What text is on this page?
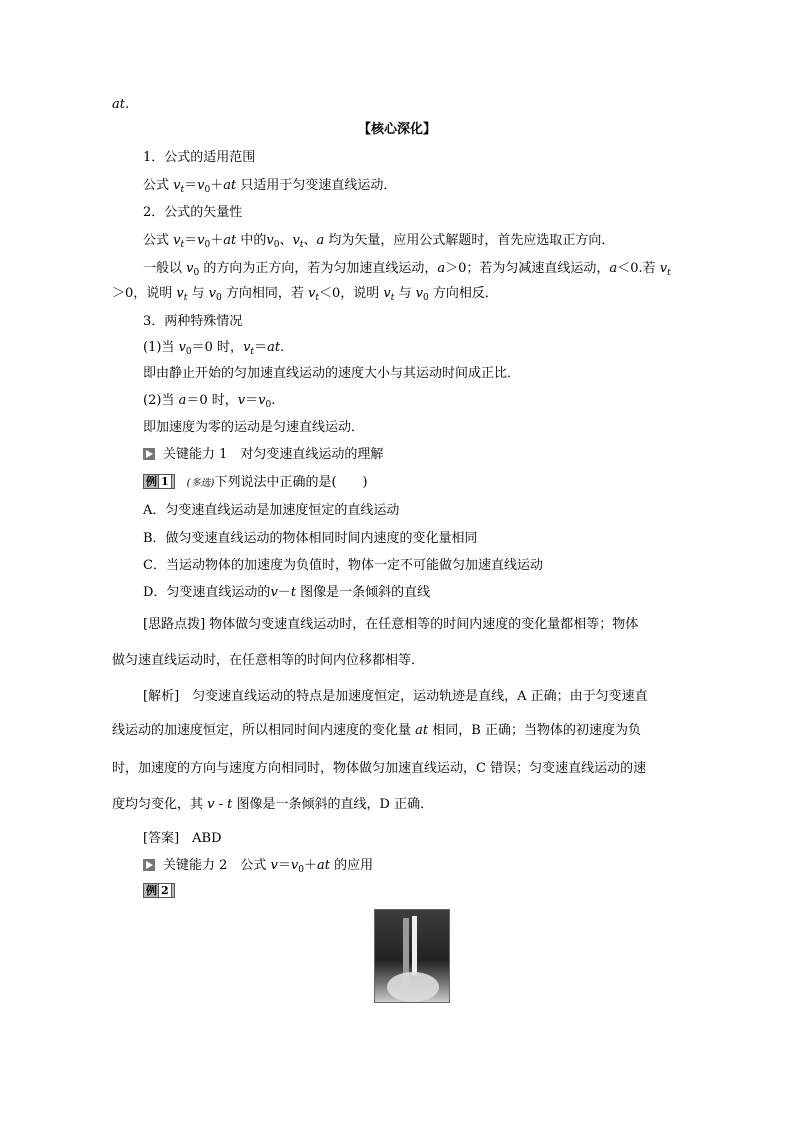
at.
【核心深化】
1．公式的适用范围
公式 $v_t=v_0+at$ 只适用于匀变速直线运动．
2．公式的矢量性
公式 $v_t=v_0+at$ 中的$v_0$、$v_t$、a 均为矢量，应用公式解题时，首先应选取正方向．
一般以 $v_0$ 的方向为正方向，若为匀加速直线运动，a＞0；若为匀减速直线运动，a＜0.若 $v_t$
＞0，说明 $v_t$ 与 $v_0$ 方向相同，若 $v_t<0$，说明 $v_t$ 与 $v_0$ 方向相反．
3．两种特殊情况
(1)当 $v_0=0$ 时，$v_t=at$.
即由静止开始的匀加速直线运动的速度大小与其运动时间成正比．
(2)当 a＝0 时，$v=v_0$.
即加速度为零的运动是匀速直线运动．
关键能力 1　对匀变速直线运动的理解
例 1 (多选)下列说法中正确的是(　　)
A．匀变速直线运动是加速度恒定的直线运动
B．做匀变速直线运动的物体相同时间内速度的变化量相同
C．当运动物体的加速度为负值时，物体一定不可能做匀加速直线运动
D．匀变速直线运动的v－t 图像是一条倾斜的直线
[思路点拨] 物体做匀变速直线运动时，在任意相等的时间内速度的变化量都相等；物体
做匀速直线运动时，在任意相等的时间内位移都相等．
[解析]　匀变速直线运动的特点是加速度恒定，运动轨迹是直线，A 正确；由于匀变速直
线运动的加速度恒定，所以相同时间内速度的变化量 at 相同，B 正确；当物体的初速度为负
时，加速度的方向与速度方向相同时，物体做匀加速直线运动，C 错误；匀变速直线运动的速
度均匀变化，其 v - t 图像是一条倾斜的直线，D 正确．
[答案]　ABD
关键能力 2　公式 $v=v_0+at$ 的应用
例 2
